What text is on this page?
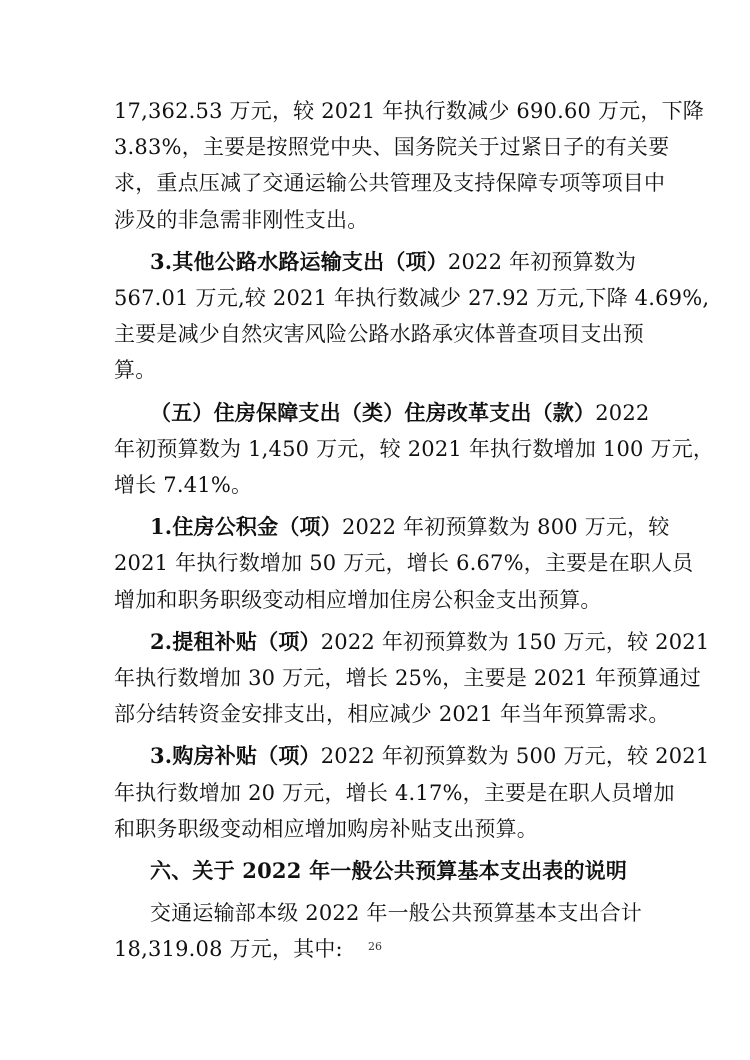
26
17,362.53 万元，较 2021 年执行数减少 690.60 万元，下降
3.83%，主要是按照党中央、国务院关于过紧日子的有关要
求，重点压减了交通运输公共管理及支持保障专项等项目中
涉及的非急需非刚性支出。
3.其他公路水路运输支出（项）2022 年初预算数为
567.01 万元,较 2021 年执行数减少 27.92 万元,下降 4.69%,
主要是减少自然灾害风险公路水路承灾体普查项目支出预
算。
（五）住房保障支出（类）住房改革支出（款）2022
年初预算数为 1,450 万元，较 2021 年执行数增加 100 万元，
增长 7.41%。
1.住房公积金（项）2022 年初预算数为 800 万元，较
2021 年执行数增加 50 万元，增长 6.67%，主要是在职人员
增加和职务职级变动相应增加住房公积金支出预算。
2.提租补贴（项）2022 年初预算数为 150 万元，较 2021
年执行数增加 30 万元，增长 25%，主要是 2021 年预算通过
部分结转资金安排支出，相应减少 2021 年当年预算需求。
3.购房补贴（项）2022 年初预算数为 500 万元，较 2021
年执行数增加 20 万元，增长 4.17%，主要是在职人员增加
和职务职级变动相应增加购房补贴支出预算。
六、关于 2022 年一般公共预算基本支出表的说明
交通运输部本级 2022 年一般公共预算基本支出合计
18,319.08 万元，其中:
